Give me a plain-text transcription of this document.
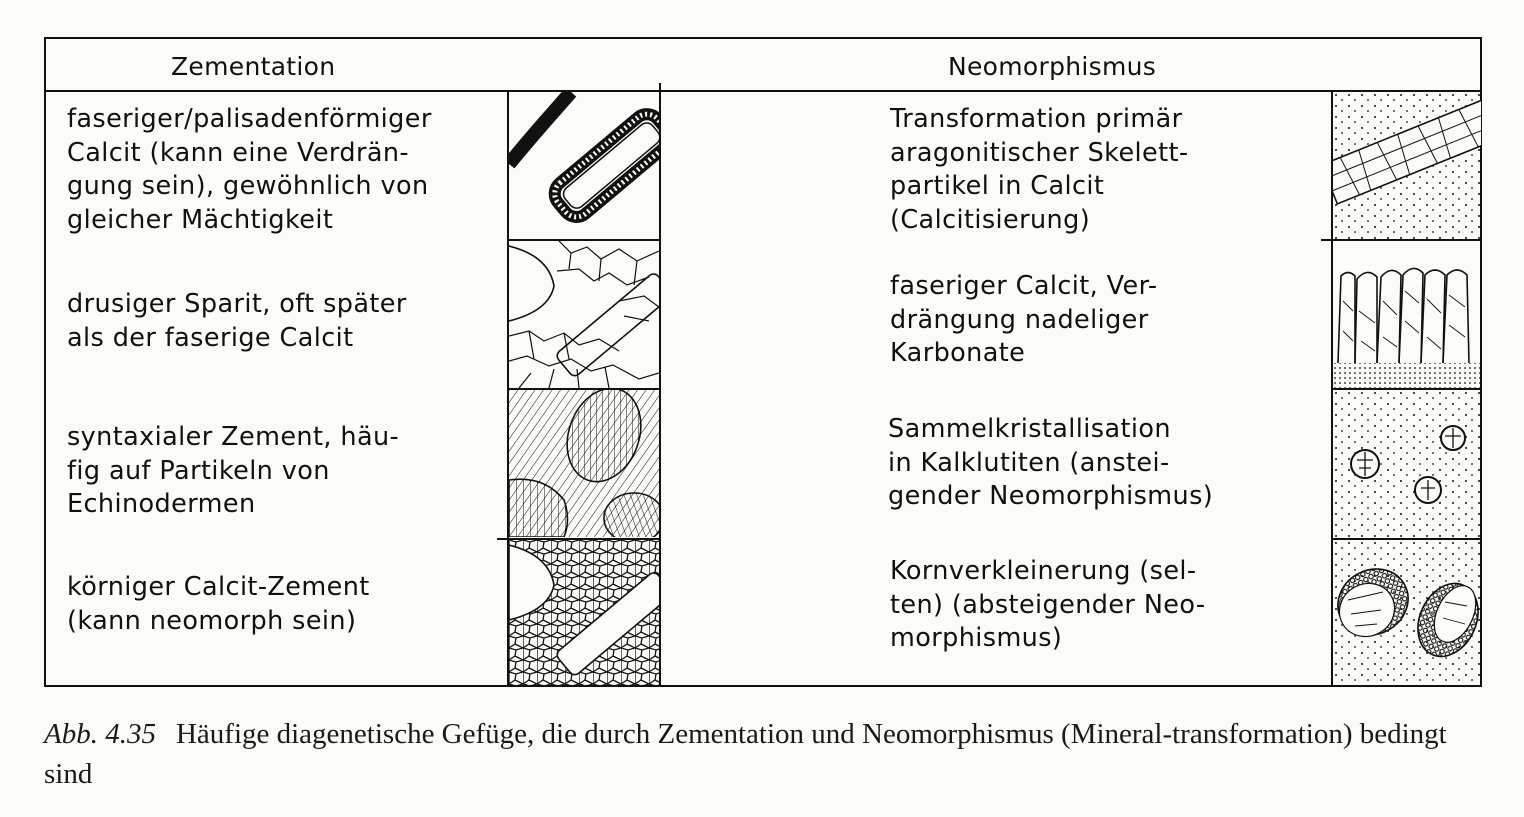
Zementation	Neomorphismus
faseriger/palisadenförmiger
Calcit (kann eine Verdrän-
gung sein), gewöhnlich von
gleicher Mächtigkeit
drusiger Sparit, oft später
als der faserige Calcit
syntaxialer Zement, häu-
fig auf Partikeln von
Echinodermen
körniger Calcit-Zement
(kann neomorph sein)
Transformation primär
aragonitischer Skelett-
partikel in Calcit
(Calcitisierung)
faseriger Calcit, Ver-
drängung nadeliger
Karbonate
Sammelkristallisation
in Kalklutiten (anstei-
gender Neomorphismus)
Kornverkleinerung (sel-
ten) (absteigender Neo-
morphismus)
Abb. 4.35 Häufige diagenetische Gefüge, die durch Zementation und Neomorphismus (Mineral-transformation) bedingt sind
